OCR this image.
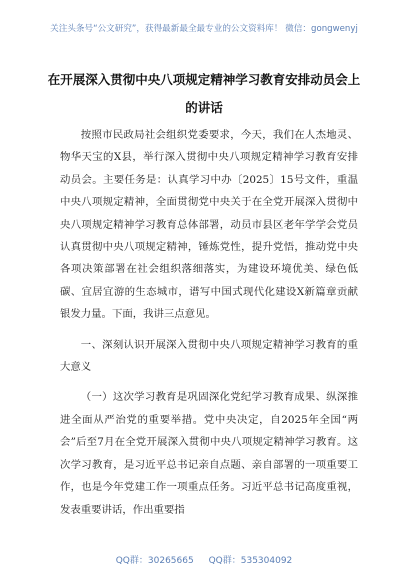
关注头条号“公文研究”，获得最新最全最专业的公文资料库！ 微信：gongwenyj
在开展深入贯彻中央八项规定精神学习教育安排动员会上的讲话

按照市民政局社会组织党委要求，今天，我们在人杰地灵、物华天宝的X县，举行深入贯彻中央八项规定精神学习教育安排动员会。主要任务是：认真学习中办〔2025〕15号文件，重温中央八项规定精神，全面贯彻党中央关于在全党开展深入贯彻中央八项规定精神学习教育总体部署，动员市县区老年学学会党员认真贯彻中央八项规定精神，锤炼党性，提升党悟，推动党中央各项决策部署在社会组织落细落实，为建设环境优美、绿色低碳、宜居宜游的生态城市，谱写中国式现代化建设X新篇章贡献银发力量。下面，我讲三点意见。

一、深刻认识开展深入贯彻中央八项规定精神学习教育的重大意义

（一）这次学习教育是巩固深化党纪学习教育成果、纵深推进全面从严治党的重要举措。党中央决定，自2025年全国“两会”后至7月在全党开展深入贯彻中央八项规定精神学习教育。这次学习教育，是习近平总书记亲自点题、亲自部署的一项重要工作，也是今年党建工作一项重点任务。习近平总书记高度重视，发表重要讲话，作出重要指

QQ群：30265665 QQ群：535304092
